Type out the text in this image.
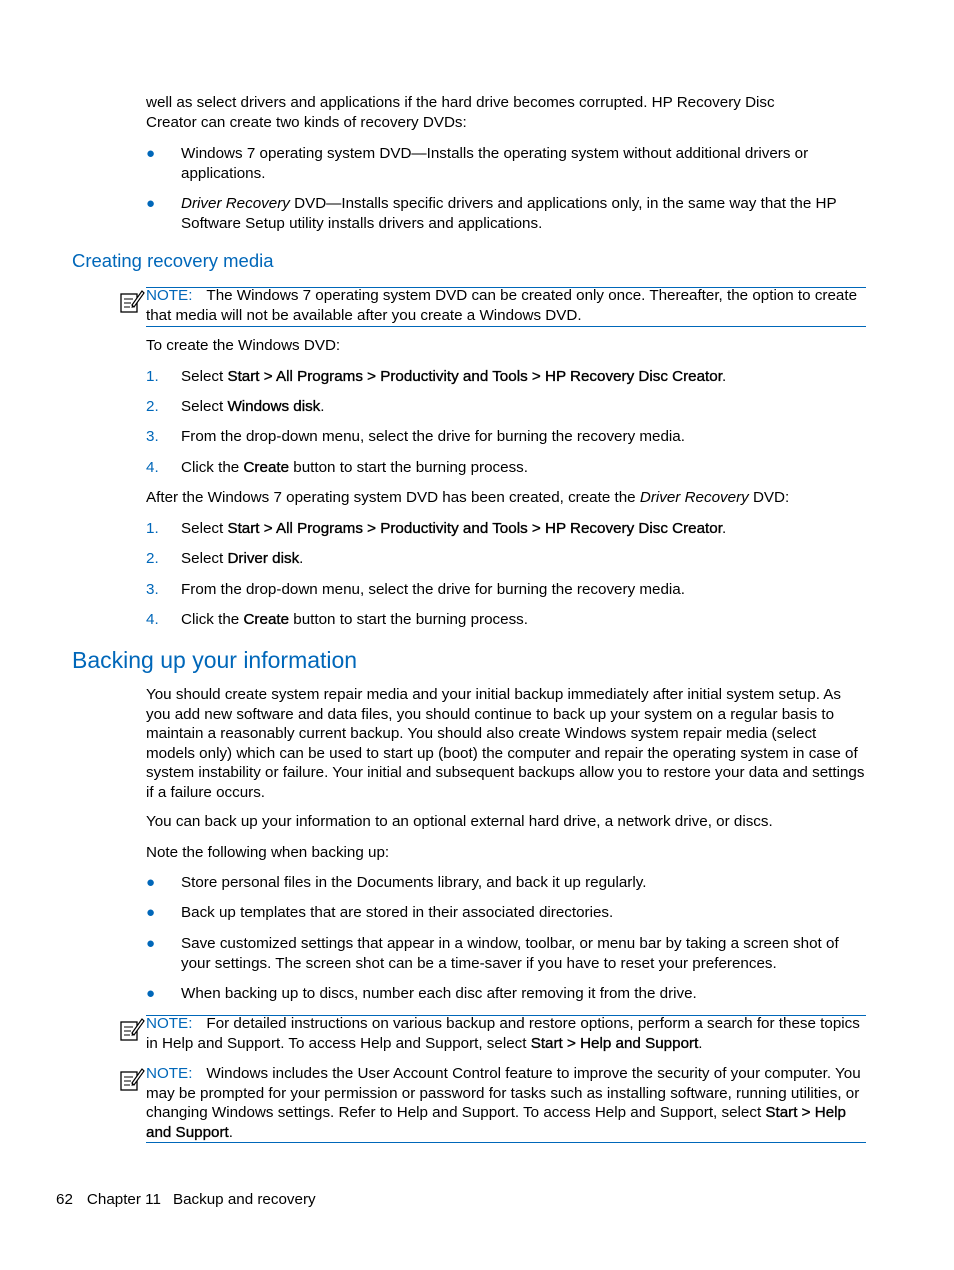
well as select drivers and applications if the hard drive becomes corrupted. HP Recovery Disc
Creator can create two kinds of recovery DVDs:

● Windows 7 operating system DVD—Installs the operating system without additional drivers or applications.
● Driver Recovery DVD—Installs specific drivers and applications only, in the same way that the HP Software Setup utility installs drivers and applications.
Creating recovery media

NOTE: The Windows 7 operating system DVD can be created only once. Thereafter, the option to create that media will not be available after you create a Windows DVD.

To create the Windows DVD:

1. Select Start > All Programs > Productivity and Tools > HP Recovery Disc Creator.
2. Select Windows disk.
3. From the drop-down menu, select the drive for burning the recovery media.
4. Click the Create button to start the burning process.

After the Windows 7 operating system DVD has been created, create the Driver Recovery DVD:

1. Select Start > All Programs > Productivity and Tools > HP Recovery Disc Creator.
2. Select Driver disk.
3. From the drop-down menu, select the drive for burning the recovery media.
4. Click the Create button to start the burning process.
Backing up your information

You should create system repair media and your initial backup immediately after initial system setup. As you add new software and data files, you should continue to back up your system on a regular basis to maintain a reasonably current backup. You should also create Windows system repair media (select models only) which can be used to start up (boot) the computer and repair the operating system in case of system instability or failure. Your initial and subsequent backups allow you to restore your data and settings if a failure occurs.

You can back up your information to an optional external hard drive, a network drive, or discs.

Note the following when backing up:

● Store personal files in the Documents library, and back it up regularly.
● Back up templates that are stored in their associated directories.
● Save customized settings that appear in a window, toolbar, or menu bar by taking a screen shot of your settings. The screen shot can be a time-saver if you have to reset your preferences.
● When backing up to discs, number each disc after removing it from the drive.

NOTE: For detailed instructions on various backup and restore options, perform a search for these topics in Help and Support. To access Help and Support, select Start > Help and Support.

NOTE: Windows includes the User Account Control feature to improve the security of your computer. You may be prompted for your permission or password for tasks such as installing software, running utilities, or changing Windows settings. Refer to Help and Support. To access Help and Support, select Start > Help and Support.

62 Chapter 11 Backup and recovery
